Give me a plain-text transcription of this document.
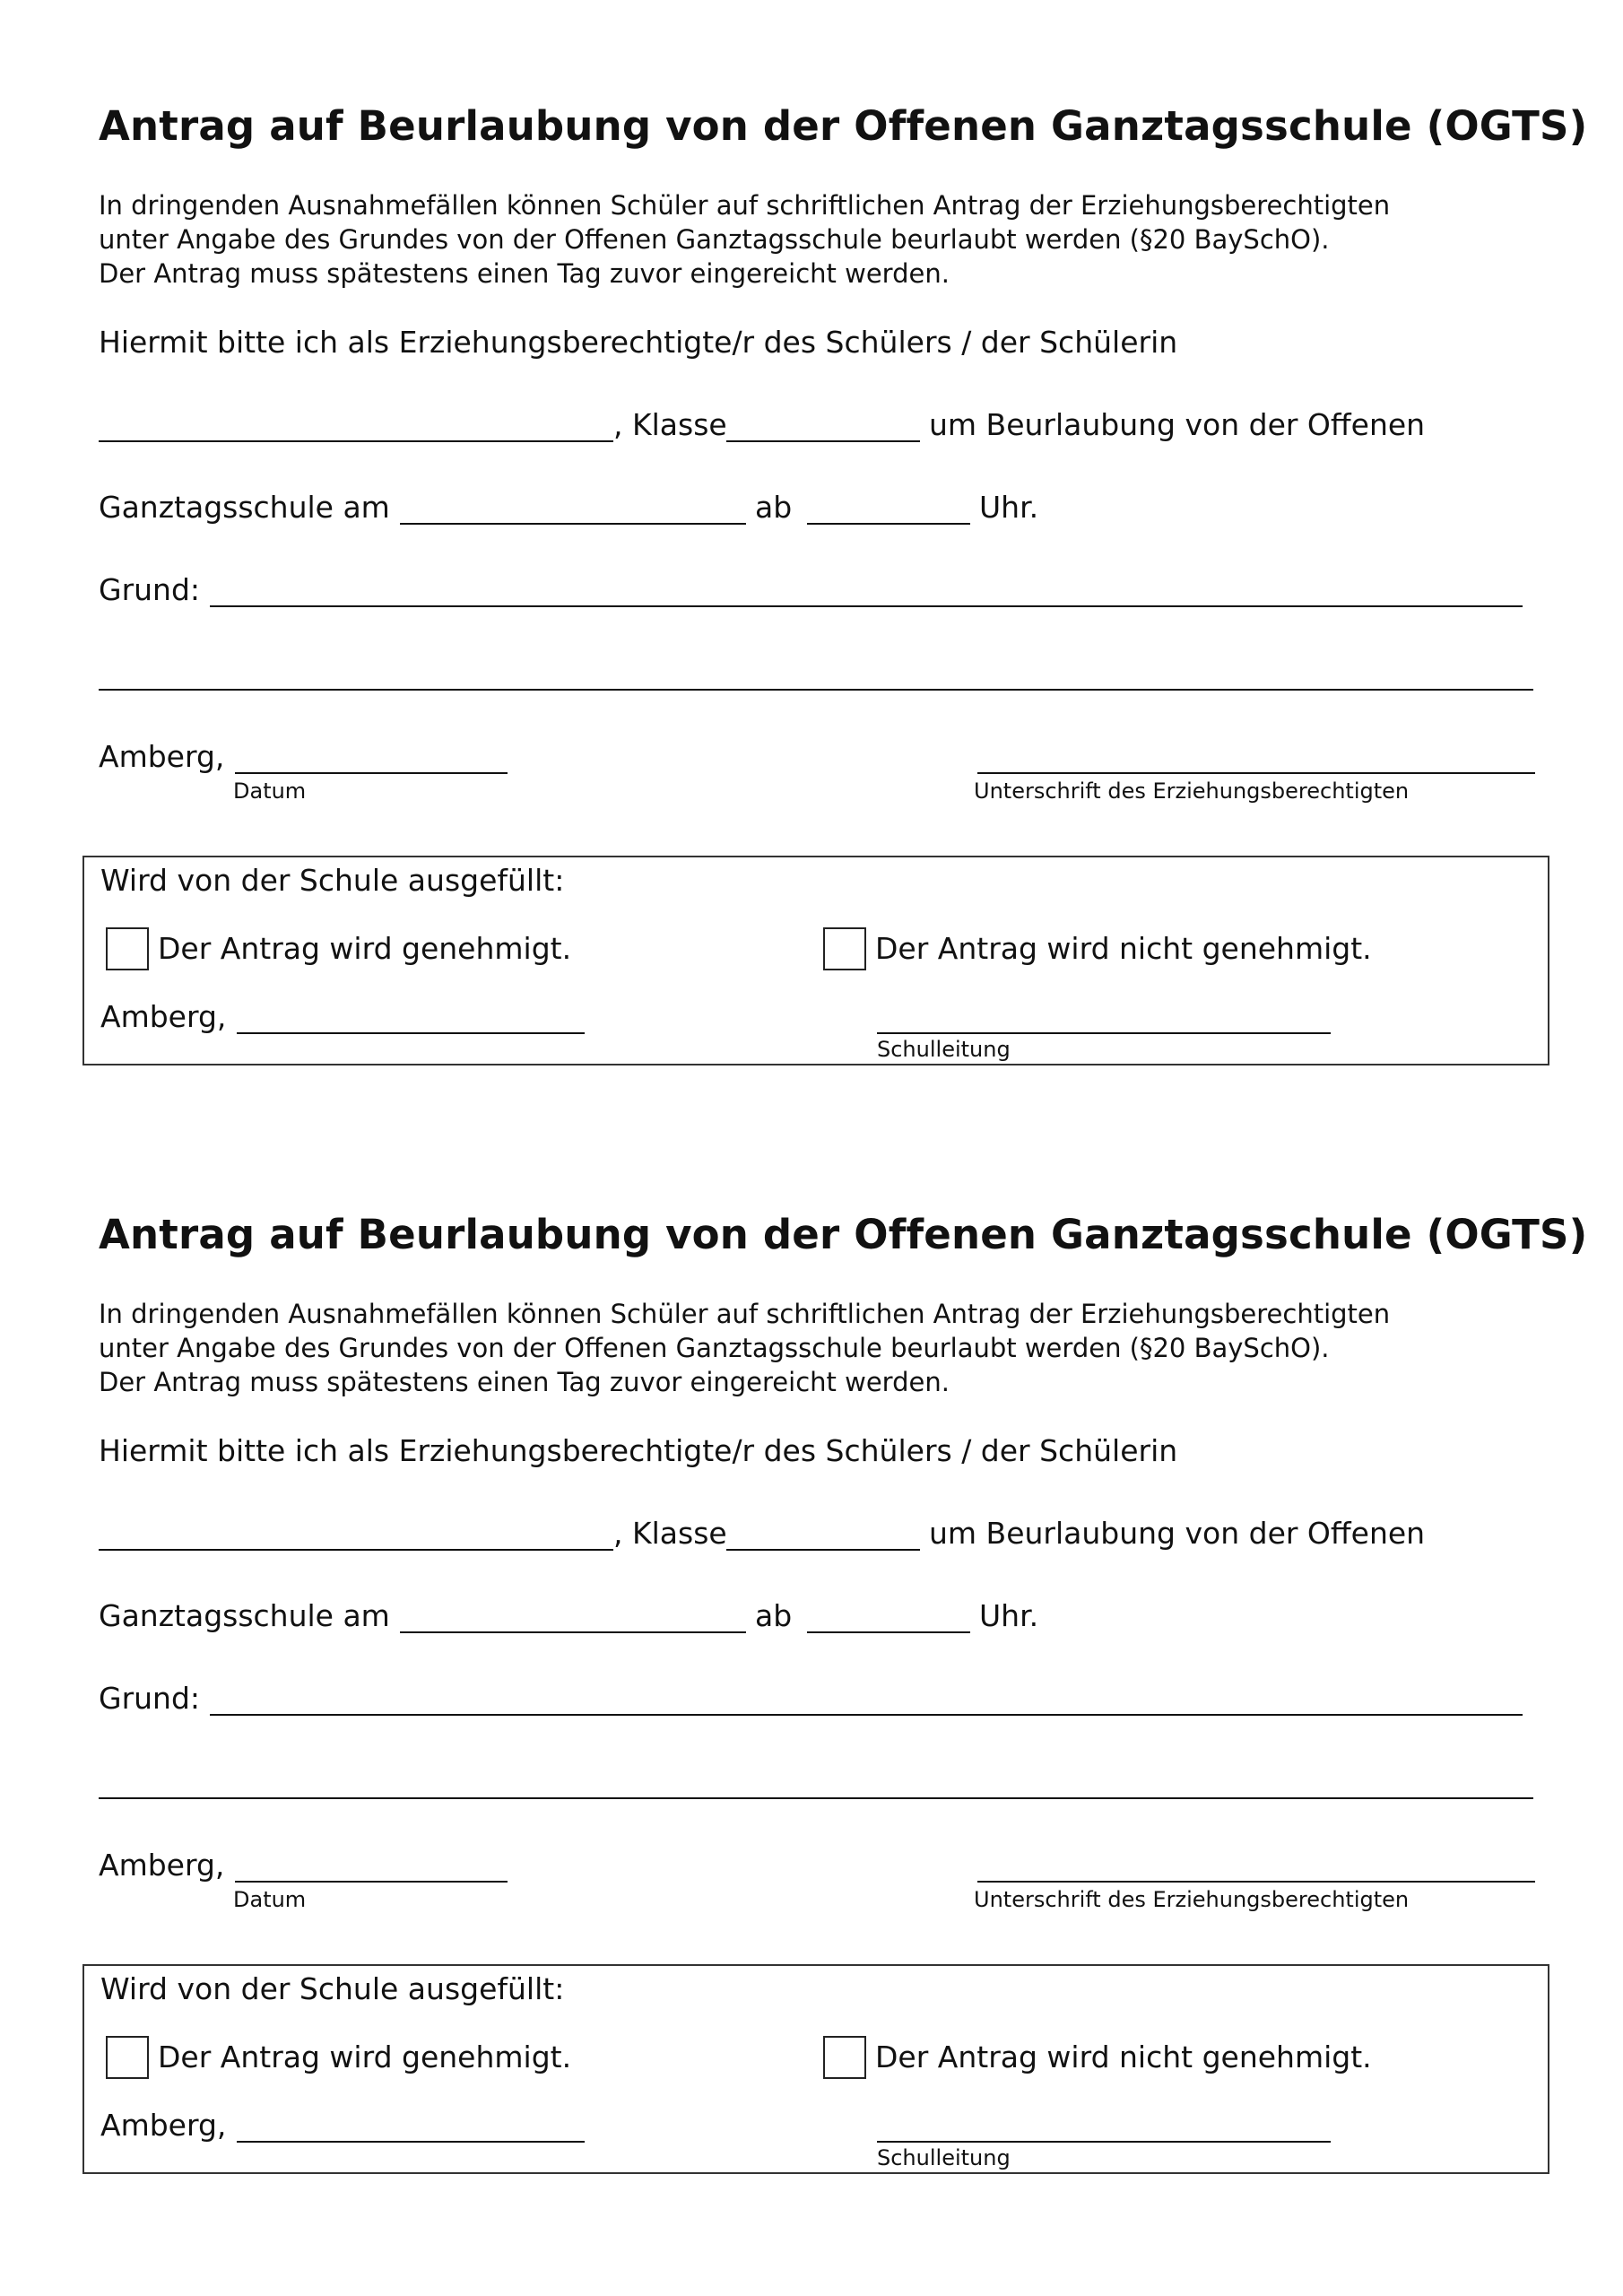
Antrag auf Beurlaubung von der Offenen Ganztagsschule (OGTS)
In dringenden Ausnahmefällen können Schüler auf schriftlichen Antrag der Erziehungsberechtigten
unter Angabe des Grundes von der Offenen Ganztagsschule beurlaubt werden (§20 BaySchO).
Der Antrag muss spätestens einen Tag zuvor eingereicht werden.
Hiermit bitte ich als Erziehungsberechtigte/r des Schülers / der Schülerin
, Klasse	um Beurlaubung von der Offenen
Ganztagsschule am	ab	Uhr.
Grund:
Amberg,
Datum	Unterschrift des Erziehungsberechtigten
Wird von der Schule ausgefüllt:
Der Antrag wird genehmigt.	Der Antrag wird nicht genehmigt.
Amberg,
Schulleitung
Antrag auf Beurlaubung von der Offenen Ganztagsschule (OGTS)
In dringenden Ausnahmefällen können Schüler auf schriftlichen Antrag der Erziehungsberechtigten
unter Angabe des Grundes von der Offenen Ganztagsschule beurlaubt werden (§20 BaySchO).
Der Antrag muss spätestens einen Tag zuvor eingereicht werden.
Hiermit bitte ich als Erziehungsberechtigte/r des Schülers / der Schülerin
, Klasse	um Beurlaubung von der Offenen
Ganztagsschule am	ab	Uhr.
Grund:
Amberg,
Datum	Unterschrift des Erziehungsberechtigten
Wird von der Schule ausgefüllt:
Der Antrag wird genehmigt.	Der Antrag wird nicht genehmigt.
Amberg,
Schulleitung
